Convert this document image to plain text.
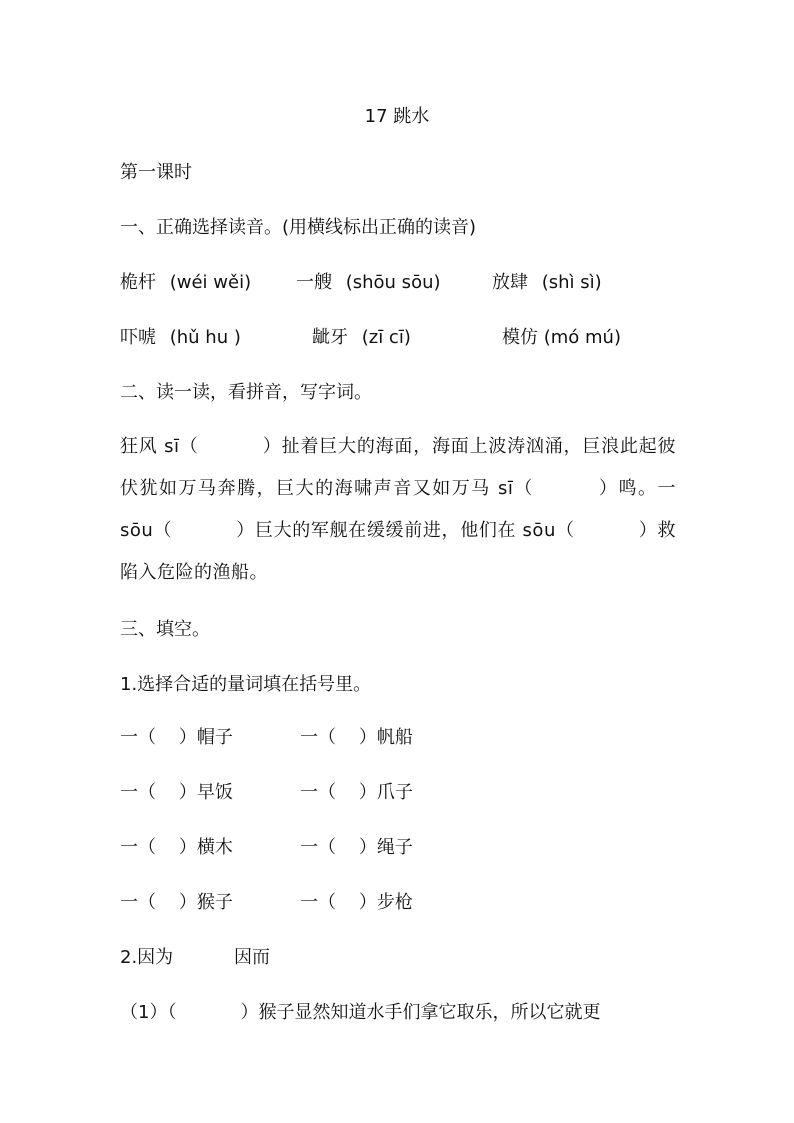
17 跳水
第一课时
一、正确选择读音。(用横线标出正确的读音)
桅杆 (wéi wěi) 一艘 (shōu sōu)	放肆 (shì sì)
吓唬 (hǔ hu )	龇牙 (zī cī)	模仿 (mó mú)
二、读一读，看拼音，写字词。
狂风 sī（	）扯着巨大的海面，海面上波涛汹涌，巨浪此起彼伏犹如万马奔腾，巨大的海啸声音又如万马 sī（	）鸣。一 sōu（	）巨大的军舰在缓缓前进，他们在 sōu（	）救陷入危险的渔船。
三、填空。
1.选择合适的量词填在括号里。
一（    ）帽子	一（    ）帆船
一（    ）早饭	一（    ）爪子
一（    ）横木	一（    ）绳子
一（    ）猴子	一（    ）步枪
2.因为	因而
（1）（	）猴子显然知道水手们拿它取乐，所以它就更
